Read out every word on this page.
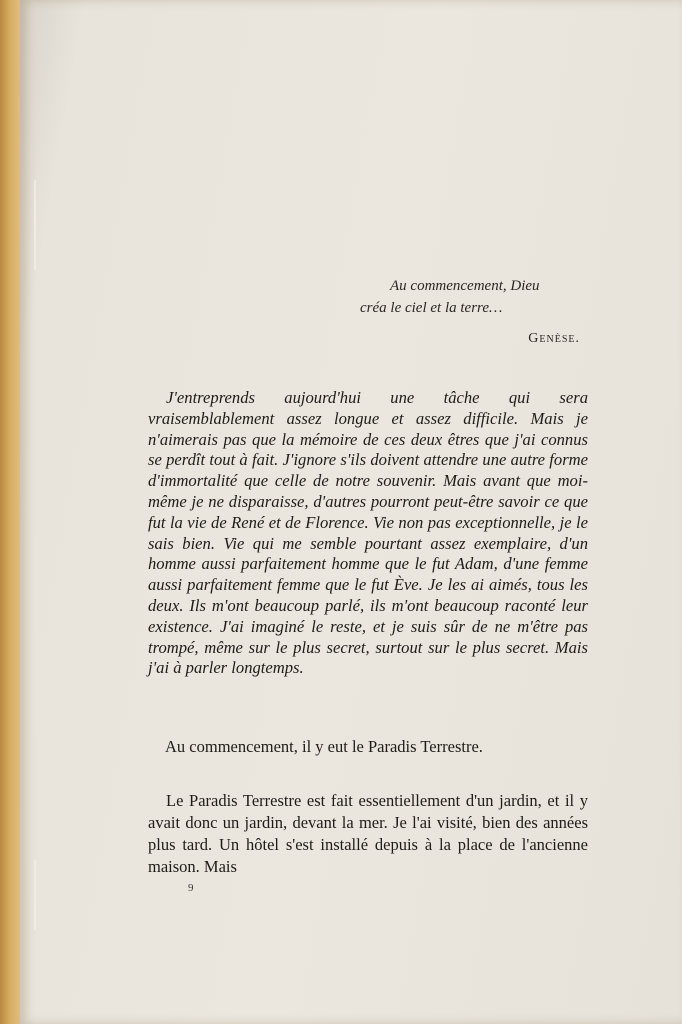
Au commencement, Dieu
créa le ciel et la terre…
Genèse.
J'entreprends aujourd'hui une tâche qui sera vraisemblablement assez longue et assez difficile. Mais je n'aimerais pas que la mémoire de ces deux êtres que j'ai connus se perdît tout à fait. J'ignore s'ils doivent attendre une autre forme d'immortalité que celle de notre souvenir. Mais avant que moi-même je ne disparaisse, d'autres pourront peut-être savoir ce que fut la vie de René et de Florence. Vie non pas exceptionnelle, je le sais bien. Vie qui me semble pourtant assez exemplaire, d'un homme aussi parfaitement homme que le fut Adam, d'une femme aussi parfaitement femme que le fut Ève. Je les ai aimés, tous les deux. Ils m'ont beaucoup parlé, ils m'ont beaucoup raconté leur existence. J'ai imaginé le reste, et je suis sûr de ne m'être pas trompé, même sur le plus secret, surtout sur le plus secret. Mais j'ai à parler longtemps.
Au commencement, il y eut le Paradis Terrestre.
Le Paradis Terrestre est fait essentiellement d'un jardin, et il y avait donc un jardin, devant la mer. Je l'ai visité, bien des années plus tard. Un hôtel s'est installé depuis à la place de l'ancienne maison. Mais
9
